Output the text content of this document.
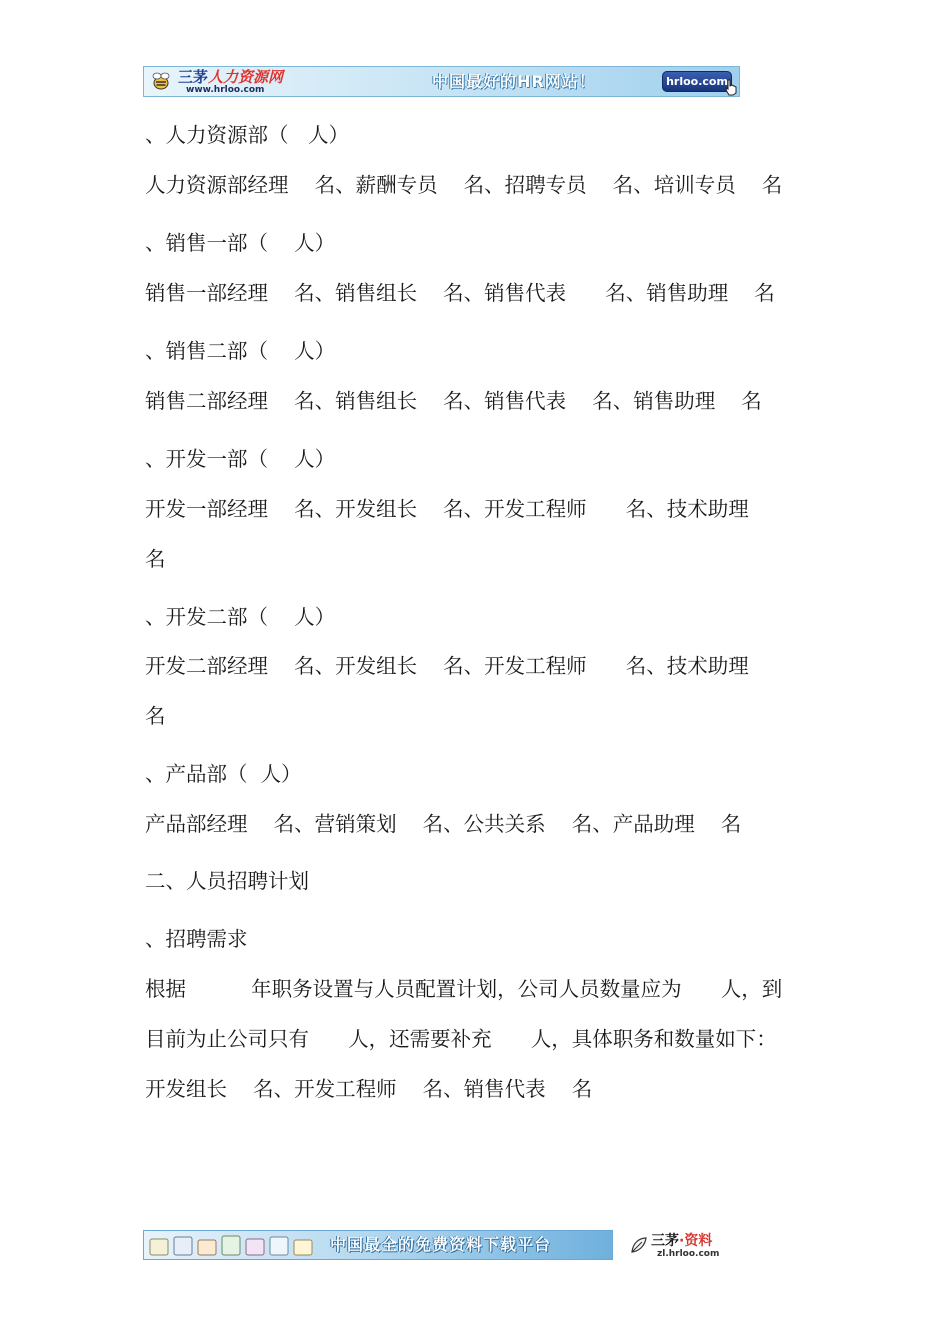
三茅人力资源网
www.hrloo.com	中国最好的HR网站！	hrloo.com
、人力资源部（   人）
人力资源部经理    名、薪酬专员    名、招聘专员    名、培训专员    名
、销售一部（    人）
销售一部经理    名、销售组长    名、销售代表      名、销售助理    名
、销售二部（    人）
销售二部经理    名、销售组长    名、销售代表    名、销售助理    名
、开发一部（    人）
开发一部经理    名、开发组长    名、开发工程师      名、技术助理
名
、开发二部（    人）
开发二部经理    名、开发组长    名、开发工程师      名、技术助理
名
、产品部（  人）
产品部经理    名、营销策划    名、公共关系    名、产品助理    名
二、人员招聘计划
、招聘需求
根据          年职务设置与人员配置计划，公司人员数量应为      人，到
目前为止公司只有      人，还需要补充      人，具体职务和数量如下：
开发组长    名、开发工程师    名、销售代表    名
中国最全的免费资料下载平台	三茅·资料
zl.hrloo.com
